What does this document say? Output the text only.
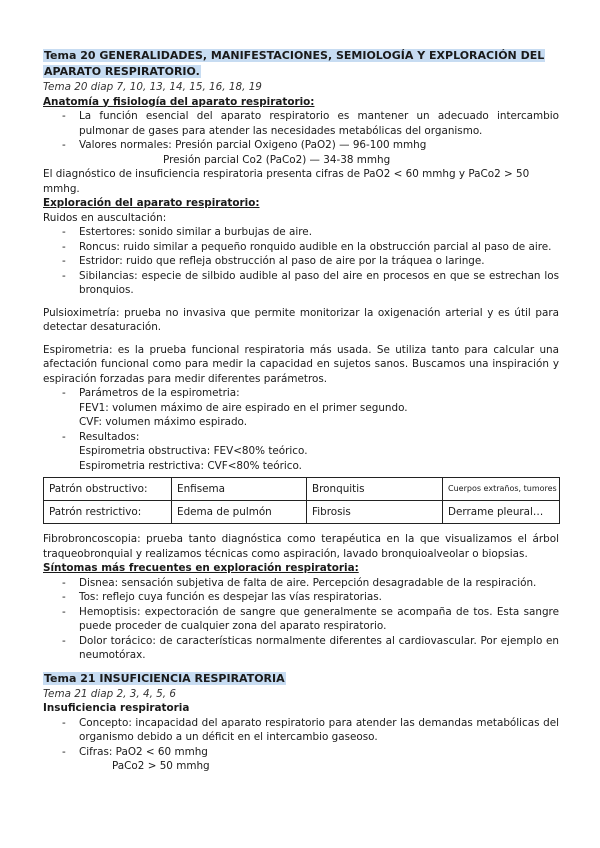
Tema 20 GENERALIDADES, MANIFESTACIONES, SEMIOLOGÍA Y EXPLORACIÓN DEL
APARATO RESPIRATORIO.

Tema 20 diap 7, 10, 13, 14, 15, 16, 18, 19

Anatomía y fisiología del aparato respiratorio:

- La función esencial del aparato respiratorio es mantener un adecuado intercambio pulmonar de gases para atender las necesidades metabólicas del organismo.
- Valores normales: Presión parcial Oxigeno (PaO2) — 96-100 mmhg

Presión parcial Co2 (PaCo2) — 34-38 mmhg

El diagnóstico de insuficiencia respiratoria presenta cifras de PaO2 < 60 mmhg y PaCo2 > 50 mmhg.

Exploración del aparato respiratorio:

Ruidos en auscultación:

- Estertores: sonido similar a burbujas de aire.
- Roncus: ruido similar a pequeño ronquido audible en la obstrucción parcial al paso de aire.
- Estridor: ruido que refleja obstrucción al paso de aire por la tráquea o laringe.
- Sibilancias: especie de silbido audible al paso del aire en procesos en que se estrechan los bronquios.

Pulsioximetría: prueba no invasiva que permite monitorizar la oxigenación arterial y es útil para detectar desaturación.

Espirometria: es la prueba funcional respiratoria más usada. Se utiliza tanto para calcular una afectación funcional como para medir la capacidad en sujetos sanos. Buscamos una inspiración y espiración forzadas para medir diferentes parámetros.

- Parámetros de la espirometria:

FEV1: volumen máximo de aire espirado en el primer segundo.

CVF: volumen máximo espirado.

- Resultados:

Espirometria obstructiva: FEV<80% teórico.

Espirometria restrictiva: CVF<80% teórico.

Patrón obstructivo:	Enfisema	Bronquitis	Cuerpos extraños, tumores
Patrón restrictivo:	Edema de pulmón	Fibrosis	Derrame pleural…

Fibrobroncoscopia: prueba tanto diagnóstica como terapéutica en la que visualizamos el árbol traqueobronquial y realizamos técnicas como aspiración, lavado bronquioalveolar o biopsias.

Síntomas más frecuentes en exploración respiratoria:

- Disnea: sensación subjetiva de falta de aire. Percepción desagradable de la respiración.
- Tos: reflejo cuya función es despejar las vías respiratorias.
- Hemoptisis: expectoración de sangre que generalmente se acompaña de tos. Esta sangre puede proceder de cualquier zona del aparato respiratorio.
- Dolor torácico: de características normalmente diferentes al cardiovascular. Por ejemplo en neumotórax.
Tema 21 INSUFICIENCIA RESPIRATORIA

Tema 21 diap 2, 3, 4, 5, 6

Insuficiencia respiratoria

- Concepto: incapacidad del aparato respiratorio para atender las demandas metabólicas del organismo debido a un déficit en el intercambio gaseoso.
- Cifras: PaO2 < 60 mmhg

PaCo2 > 50 mmhg
